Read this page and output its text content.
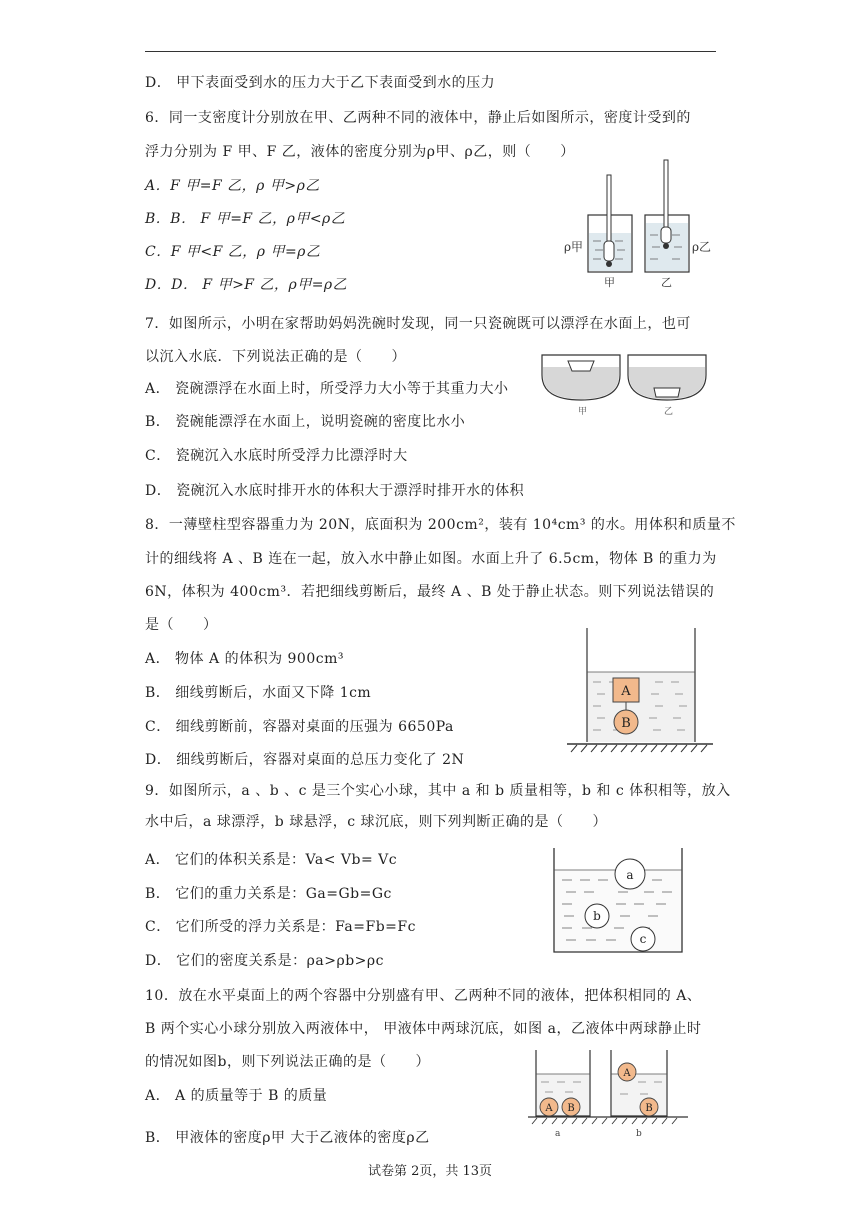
D． 甲下表面受到水的压力大于乙下表面受到水的压力
6．同一支密度计分别放在甲、乙两种不同的液体中，静止后如图所示，密度计受到的
浮力分别为 F 甲、F 乙，液体的密度分别为ρ甲、ρ乙，则（　　）
A．F 甲=F 乙，ρ 甲>ρ乙
B．B． F 甲=F 乙，ρ甲<ρ乙
C．F 甲<F 乙，ρ 甲=ρ乙
D．D． F 甲>F 乙，ρ甲=ρ乙
ρ甲	ρ乙
甲	乙
7．如图所示，小明在家帮助妈妈洗碗时发现，同一只瓷碗既可以漂浮在水面上，也可
以沉入水底．下列说法正确的是（　　）
A． 瓷碗漂浮在水面上时，所受浮力大小等于其重力大小
B． 瓷碗能漂浮在水面上，说明瓷碗的密度比水小
C． 瓷碗沉入水底时所受浮力比漂浮时大
D． 瓷碗沉入水底时排开水的体积大于漂浮时排开水的体积
甲	乙
8．一薄壁柱型容器重力为 20N，底面积为 200cm²，装有 10⁴cm³ 的水。用体积和质量不
计的细线将 A 、B 连在一起，放入水中静止如图。水面上升了 6.5cm，物体 B 的重力为
6N，体积为 400cm³．若把细线剪断后，最终 A 、B 处于静止状态。则下列说法错误的
是（　　）
A． 物体 A 的体积为 900cm³
B． 细线剪断后，水面又下降 1cm
C． 细线剪断前，容器对桌面的压强为 6650Pa
D． 细线剪断后，容器对桌面的总压力变化了 2N
A
B
9．如图所示，a 、b 、c 是三个实心小球，其中 a 和 b 质量相等，b 和 c 体积相等，放入
水中后，a 球漂浮，b 球悬浮，c 球沉底，则下列判断正确的是（　　）
A． 它们的体积关系是：Va< Vb= Vc
B． 它们的重力关系是：Ga=Gb=Gc
C． 它们所受的浮力关系是：Fa=Fb=Fc
D． 它们的密度关系是：ρa>ρb>ρc
a
b
c
10．放在水平桌面上的两个容器中分别盛有甲、乙两种不同的液体，把体积相同的 A、
B 两个实心小球分别放入两液体中， 甲液体中两球沉底，如图 a，乙液体中两球静止时
的情况如图b，则下列说法正确的是（　　）
A． A 的质量等于 B 的质量
B． 甲液体的密度ρ甲 大于乙液体的密度ρ乙
A B
A
B
a	b
试卷第 2页，共 13页
